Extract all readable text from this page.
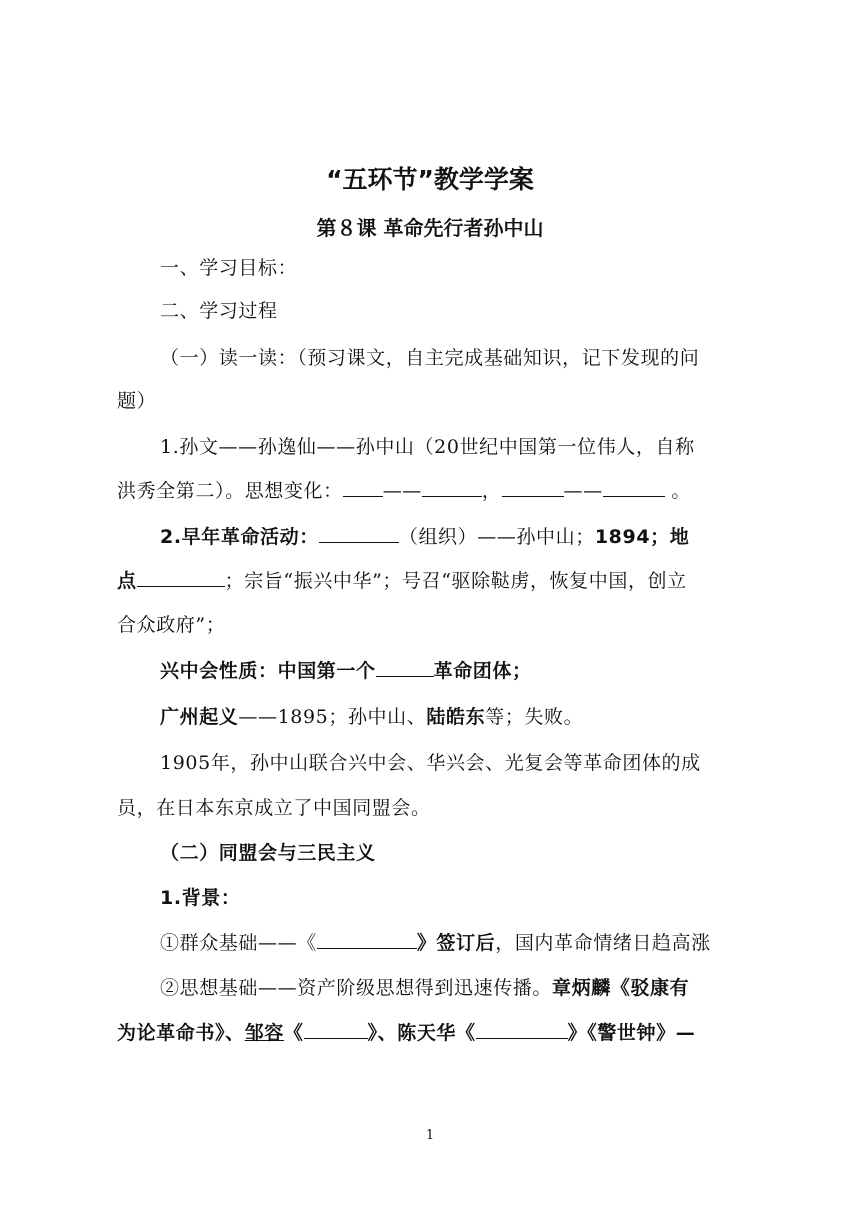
“五环节”教学学案
第８课 革命先行者孙中山
一、学习目标：
二、学习过程
（一）读一读：（预习课文，自主完成基础知识，记下发现的问
题）
1.孙文——孙逸仙——孙中山（20世纪中国第一位伟人，自称
洪秀全第二）。思想变化： ——	，	——	。
2.早年革命活动：	（组织）——孙中山；1894；地
点	；宗旨“振兴中华”；号召“驱除鞑虏，恢复中国，创立
合众政府”；
兴中会性质：中国第一个	革命团体；
广州起义——1895；孙中山、陆皓东等；失败。
1905年，孙中山联合兴中会、华兴会、光复会等革命团体的成
员，在日本东京成立了中国同盟会。
（二）同盟会与三民主义
1.背景：
①群众基础——《	》签订后，国内革命情绪日趋高涨
②思想基础——资产阶级思想得到迅速传播。章炳麟《驳康有
为论革命书》、邹容《	》、陈天华《	》《警世钟》—
1
